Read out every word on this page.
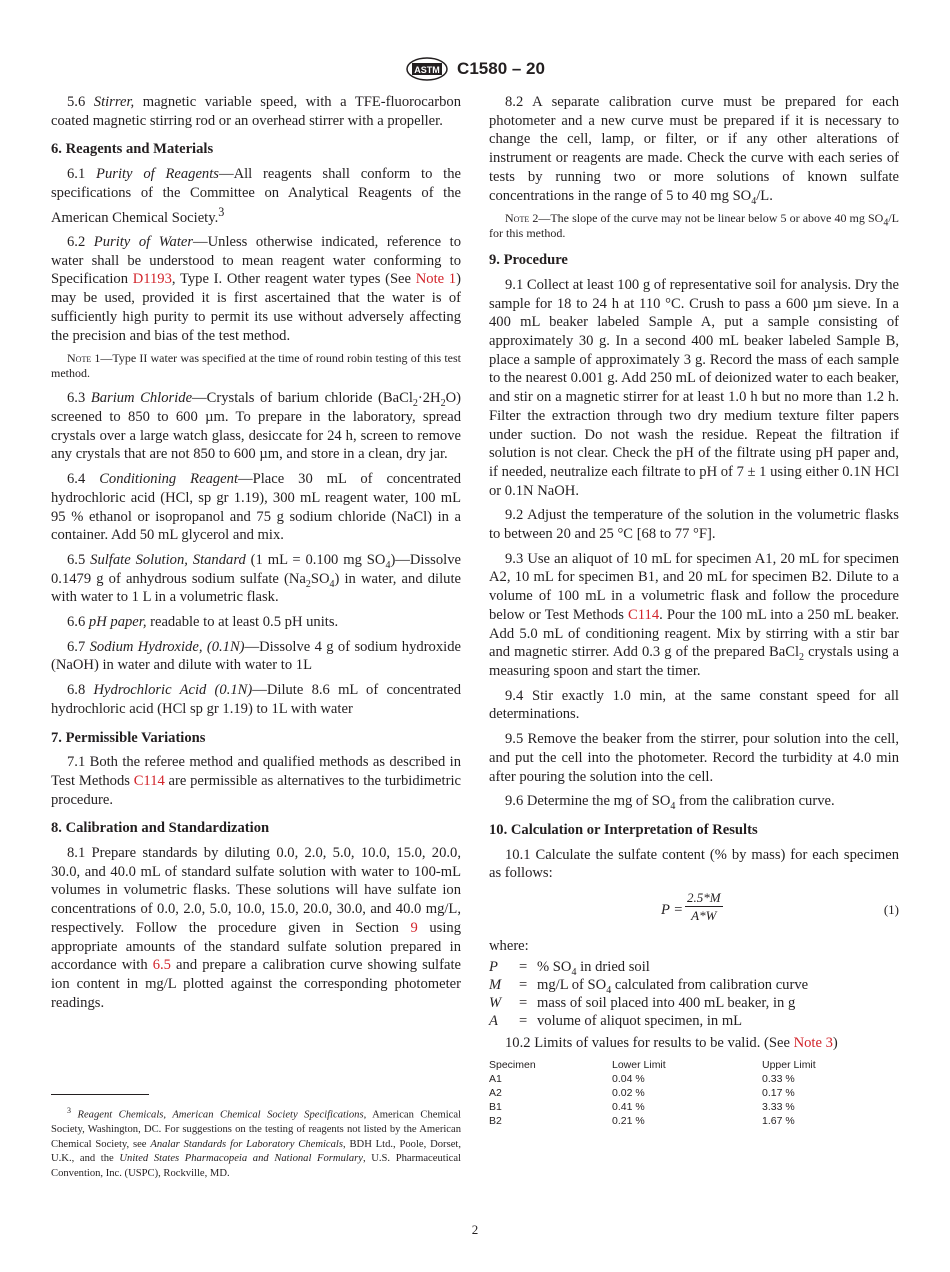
ASTM C1580 – 20

5.6 Stirrer, magnetic variable speed, with a TFE-fluorocarbon coated magnetic stirring rod or an overhead stirrer with a propeller.

6. Reagents and Materials

6.1 Purity of Reagents—All reagents shall conform to the specifications of the Committee on Analytical Reagents of the American Chemical Society.$^3$

6.2 Purity of Water—Unless otherwise indicated, reference to water shall be understood to mean reagent water conforming to Specification D1193, Type I. Other reagent water types (See Note 1) may be used, provided it is first ascertained that the water is of sufficiently high purity to permit its use without adversely affecting the precision and bias of the test method.

Note 1—Type II water was specified at the time of round robin testing of this test method.

6.3 Barium Chloride—Crystals of barium chloride $(BaCl_2\cdot 2H_2O)$ screened to 850 to 600 µm. To prepare in the laboratory, spread crystals over a large watch glass, desiccate for 24 h, screen to remove any crystals that are not 850 to 600 µm, and store in a clean, dry jar.

6.4 Conditioning Reagent—Place 30 mL of concentrated hydrochloric acid (HCl, sp gr 1.19), 300 mL reagent water, 100 mL 95 % ethanol or isopropanol and 75 g sodium chloride (NaCl) in a container. Add 50 mL glycerol and mix.

6.5 Sulfate Solution, Standard (1 mL = 0.100 mg $SO_4)—Dissolve$ 0.1479 g of anhydrous sodium sulfate $(Na_2SO_4)$ in water, and dilute with water to 1 L in a volumetric flask.

6.6 pH paper, readable to at least 0.5 pH units.

6.7 Sodium Hydroxide, (0.1N)—Dissolve 4 g of sodium hydroxide (NaOH) in water and dilute with water to 1L

6.8 Hydrochloric Acid (0.1N)—Dilute 8.6 mL of concentrated hydrochloric acid (HCl sp gr 1.19) to 1L with water

7. Permissible Variations

7.1 Both the referee method and qualified methods as described in Test Methods C114 are permissible as alternatives to the turbidimetric procedure.

8. Calibration and Standardization

8.1 Prepare standards by diluting 0.0, 2.0, 5.0, 10.0, 15.0, 20.0, 30.0, and 40.0 mL of standard sulfate solution with water to 100-mL volumes in volumetric flasks. These solutions will have sulfate ion concentrations of 0.0, 2.0, 5.0, 10.0, 15.0, 20.0, 30.0, and 40.0 mg/L, respectively. Follow the procedure given in Section 9 using appropriate amounts of the standard sulfate solution prepared in accordance with 6.5 and prepare a calibration curve showing sulfate ion content in mg/L plotted against the corresponding photometer readings.

$^3$ Reagent Chemicals, American Chemical Society Specifications, American Chemical Society, Washington, DC. For suggestions on the testing of reagents not listed by the American Chemical Society, see Analar Standards for Laboratory Chemicals, BDH Ltd., Poole, Dorset, U.K., and the United States Pharmacopeia and National Formulary, U.S. Pharmaceutical Convention, Inc. (USPC), Rockville, MD.

8.2 A separate calibration curve must be prepared for each photometer and a new curve must be prepared if it is necessary to change the cell, lamp, or filter, or if any other alterations of instrument or reagents are made. Check the curve with each series of tests by running two or more solutions of known sulfate concentrations in the range of 5 to 40 mg $SO_4/L$.

Note 2—The slope of the curve may not be linear below 5 or above 40 mg $SO_4/L$ for this method.

9. Procedure

9.1 Collect at least 100 g of representative soil for analysis. Dry the sample for 18 to 24 h at 110 °C. Crush to pass a 600 µm sieve. In a 400 mL beaker labeled Sample A, put a sample consisting of approximately 30 g. In a second 400 mL beaker labeled Sample B, place a sample of approximately 3 g. Record the mass of each sample to the nearest 0.001 g. Add 250 mL of deionized water to each beaker, and stir on a magnetic stirrer for at least 1.0 h but no more than 1.2 h. Filter the extraction through two dry medium texture filter papers under suction. Do not wash the residue. Repeat the filtration if solution is not clear. Check the pH of the filtrate using pH paper and, if needed, neutralize each filtrate to pH of 7 ± 1 using either 0.1N HCl or 0.1N NaOH.

9.2 Adjust the temperature of the solution in the volumetric flasks to between 20 and 25 °C [68 to 77 °F].

9.3 Use an aliquot of 10 mL for specimen A1, 20 mL for specimen A2, 10 mL for specimen B1, and 20 mL for specimen B2. Dilute to a volume of 100 mL in a volumetric flask and follow the procedure below or Test Methods C114. Pour the 100 mL into a 250 mL beaker. Add 5.0 mL of conditioning reagent. Mix by stirring with a stir bar and magnetic stirrer. Add 0.3 g of the prepared BaCl$_2$ crystals using a measuring spoon and start the timer.

9.4 Stir exactly 1.0 min, at the same constant speed for all determinations.

9.5 Remove the beaker from the stirrer, pour solution into the cell, and put the cell into the photometer. Record the turbidity at 4.0 min after pouring the solution into the cell.

9.6 Determine the mg of $SO_4$ from the calibration curve.

10. Calculation or Interpretation of Results

10.1 Calculate the sulfate content (% by mass) for each specimen as follows:

$P = \frac{2.5*M}{A*W}$	(1)
where:
P	=	% $SO_4$ in dried soil
M	=	mg/L of $SO_4$ calculated from calibration curve
W	=	mass of soil placed into 400 mL beaker, in g
A	=	volume of aliquot specimen, in mL

10.2 Limits of values for results to be valid. (See Note 3)

Specimen	Lower Limit	Upper Limit
A1	0.04 %	0.33 %
A2	0.02 %	0.17 %
B1	0.41 %	3.33 %
B2	0.21 %	1.67 %
2
